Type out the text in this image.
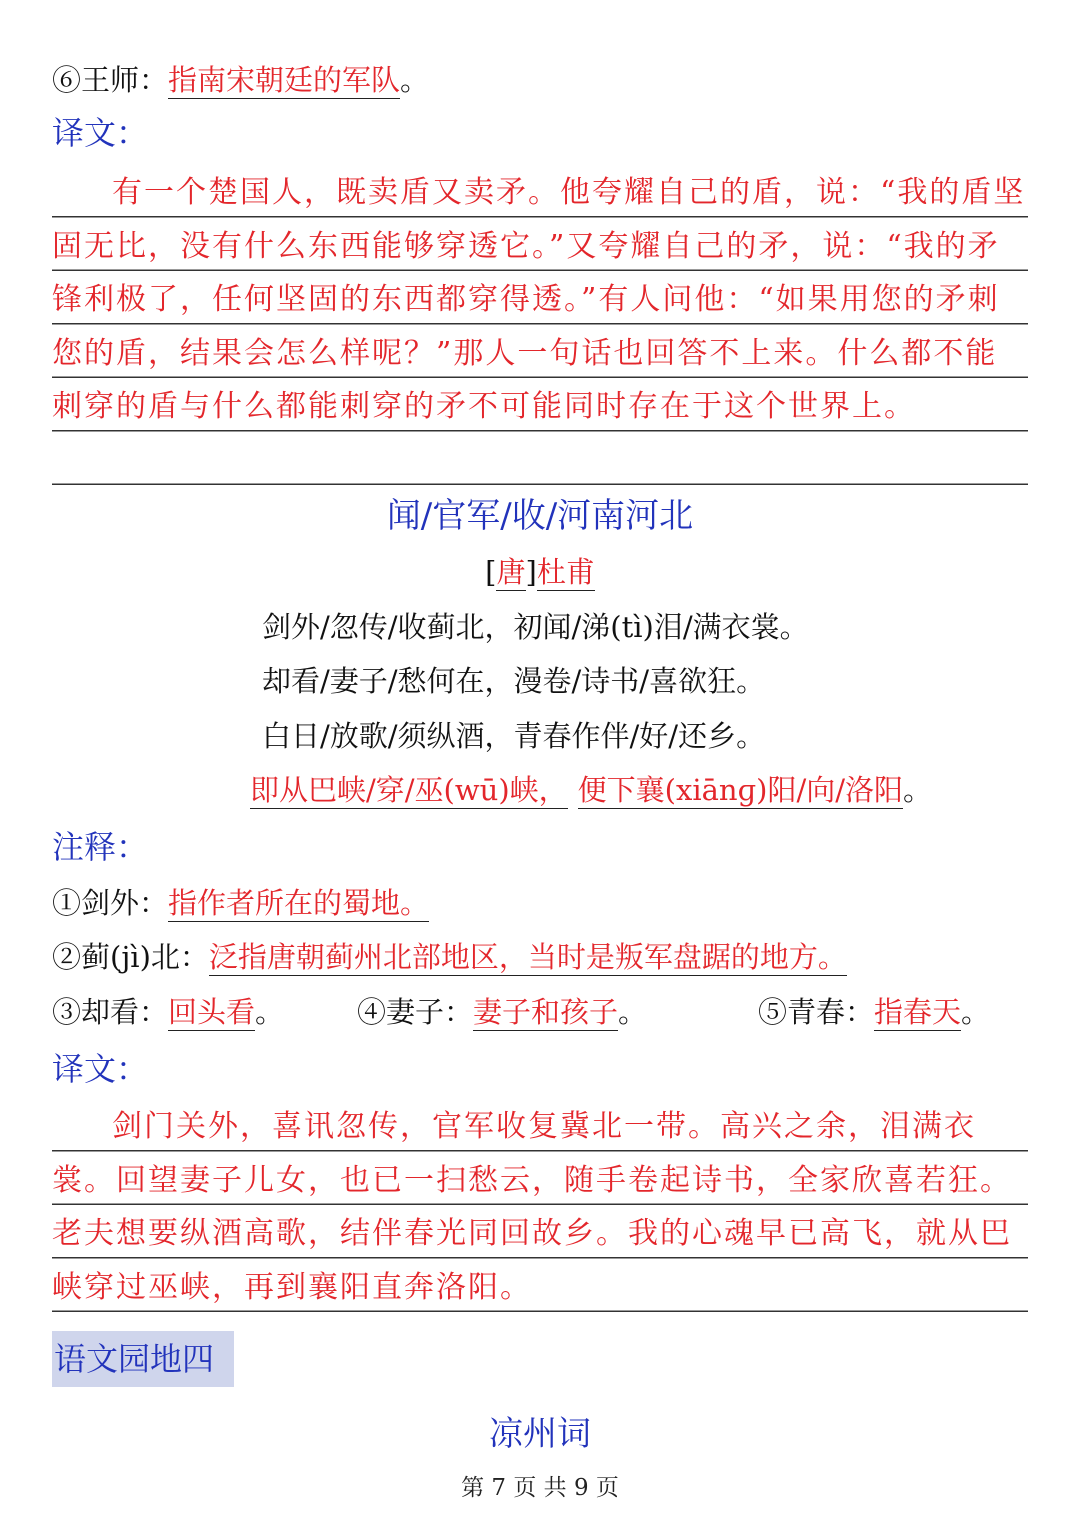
⑥王师：指南宋朝廷的军队。
译文：

有一个楚国人，既卖盾又卖矛。他夸耀自己的盾，说：“我的盾坚固无比，没有什么东西能够穿透它。”又夸耀自己的矛，说：“我的矛锋利极了，任何坚固的东西都穿得透。”有人问他：“如果用您的矛刺您的盾，结果会怎么样呢？”那人一句话也回答不上来。什么都不能刺穿的盾与什么都能刺穿的矛不可能同时存在于这个世界上。

闻/官军/收/河南河北
[唐]杜甫
剑外/忽传/收蓟北，初闻/涕(tì)泪/满衣裳。
却看/妻子/愁何在，漫卷/诗书/喜欲狂。
白日/放歌/须纵酒，青春作伴/好/还乡。
即从巴峡/穿/巫(wū)峡， 便下襄(xiānɡ)阳/向/洛阳。
注释：
①剑外：指作者所在的蜀地。
②蓟(jì)北：泛指唐朝蓟州北部地区，当时是叛军盘踞的地方。
③却看：回头看。	④妻子：妻子和孩子。	⑤青春：指春天。
译文：

剑门关外，喜讯忽传，官军收复冀北一带。高兴之余，泪满衣裳。回望妻子儿女，也已一扫愁云，随手卷起诗书，全家欣喜若狂。老夫想要纵酒高歌，结伴春光同回故乡。我的心魂早已高飞，就从巴峡穿过巫峡，再到襄阳直奔洛阳。

语文园地四
凉州词
第 7 页 共 9 页
